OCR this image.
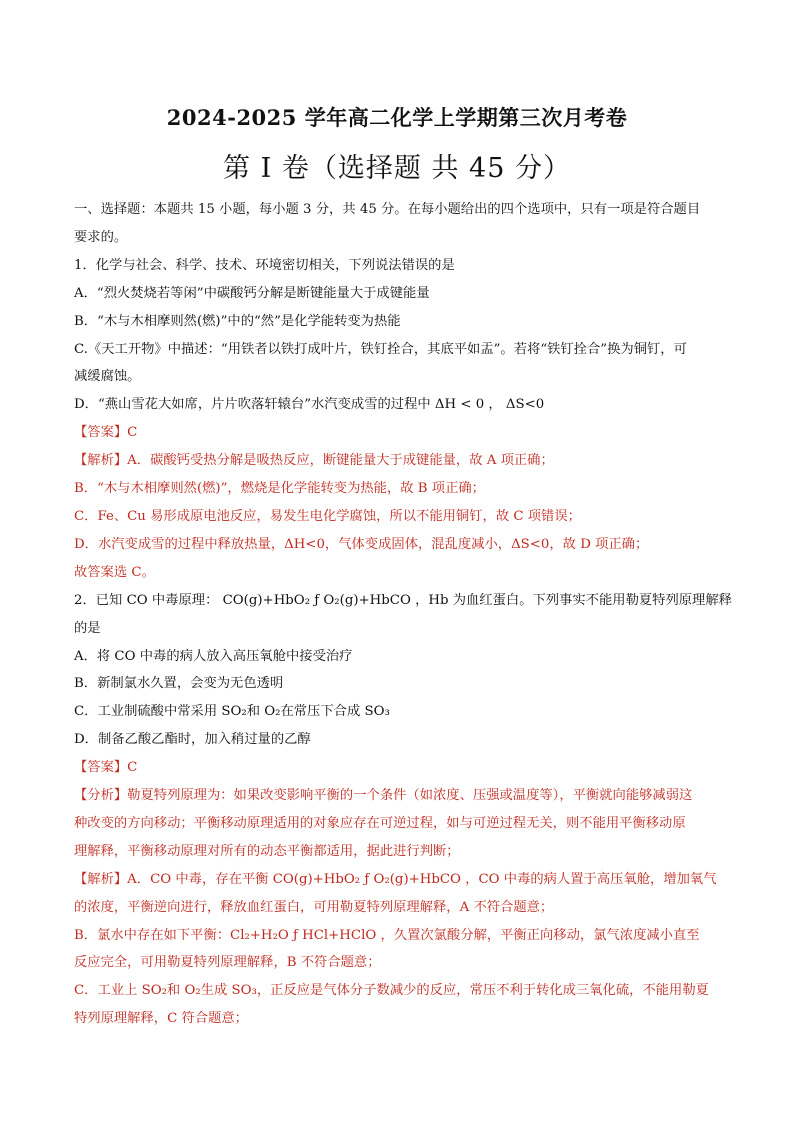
2024-2025 学年高二化学上学期第三次月考卷
第 I 卷（选择题 共 45 分）
一、选择题：本题共 15 小题，每小题 3 分，共 45 分。在每小题给出的四个选项中，只有一项是符合题目
要求的。
1．化学与社会、科学、技术、环境密切相关，下列说法错误的是
A．“烈火焚烧若等闲”中碳酸钙分解是断键能量大于成键能量
B．“木与木相摩则然(燃)”中的“然”是化学能转变为热能
C.《天工开物》中描述：“用铁者以铁打成叶片，铁钉拴合，其底平如盂”。若将“铁钉拴合”换为铜钉，可
减缓腐蚀。
D．“燕山雪花大如席，片片吹落轩辕台”水汽变成雪的过程中 ΔH < 0 ， ΔS<0
【答案】C
【解析】A．碳酸钙受热分解是吸热反应，断键能量大于成键能量，故 A 项正确；
B．“木与木相摩则然(燃)”，燃烧是化学能转变为热能，故 B 项正确；
C．Fe、Cu 易形成原电池反应，易发生电化学腐蚀，所以不能用铜钉，故 C 项错误；
D．水汽变成雪的过程中释放热量，ΔH<0，气体变成固体，混乱度减小，ΔS<0，故 D 项正确；
故答案选 C。
2．已知 CO 中毒原理： CO(g)+HbO₂ ƒ O₂(g)+HbCO ，Hb 为血红蛋白。下列事实不能用勒夏特列原理解释
的是
A．将 CO 中毒的病人放入高压氧舱中接受治疗
B．新制氯水久置，会变为无色透明
C．工业制硫酸中常采用 SO₂和 O₂在常压下合成 SO₃
D．制备乙酸乙酯时，加入稍过量的乙醇
【答案】C
【分析】勒夏特列原理为：如果改变影响平衡的一个条件（如浓度、压强或温度等），平衡就向能够减弱这
种改变的方向移动；平衡移动原理适用的对象应存在可逆过程，如与可逆过程无关，则不能用平衡移动原
理解释，平衡移动原理对所有的动态平衡都适用，据此进行判断；
【解析】A．CO 中毒，存在平衡 CO(g)+HbO₂ ƒ O₂(g)+HbCO ，CO 中毒的病人置于高压氧舱，增加氧气
的浓度，平衡逆向进行，释放血红蛋白，可用勒夏特列原理解释，A 不符合题意；
B．氯水中存在如下平衡：Cl₂+H₂O ƒ HCl+HClO ，久置次氯酸分解，平衡正向移动，氯气浓度减小直至
反应完全，可用勒夏特列原理解释，B 不符合题意；
C．工业上 SO₂和 O₂生成 SO₃，正反应是气体分子数减少的反应，常压不利于转化成三氧化硫，不能用勒夏
特列原理解释，C 符合题意；
